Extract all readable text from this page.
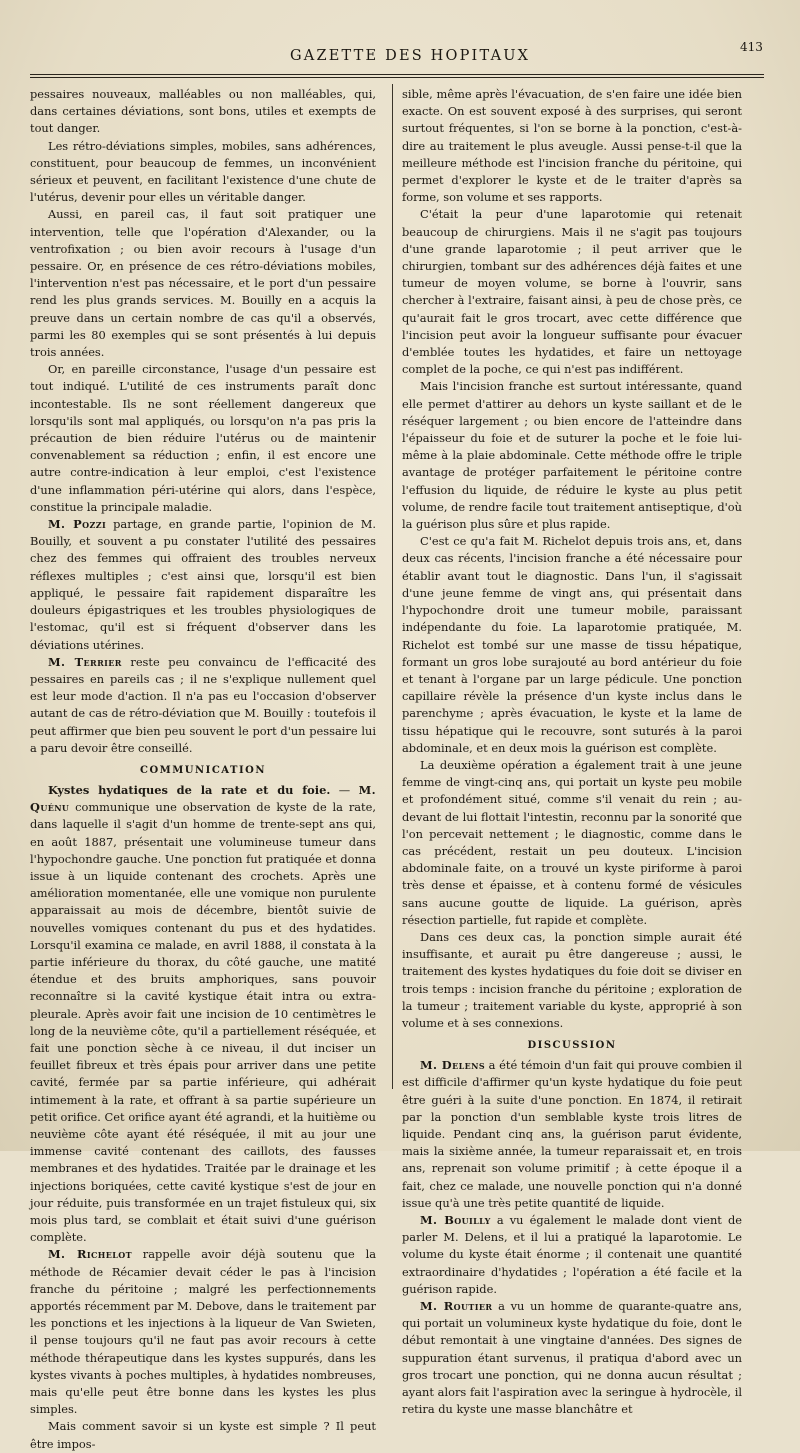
GAZETTE DES HOPITAUX
413

pessaires nouveaux, malléables ou non malléables, qui, dans certaines déviations, sont bons, utiles et exempts de tout danger.

Les rétro-déviations simples, mobiles, sans adhérences, constituent, pour beaucoup de femmes, un inconvénient sérieux et peuvent, en facilitant l'existence d'une chute de l'utérus, devenir pour elles un véritable danger.

Aussi, en pareil cas, il faut soit pratiquer une intervention, telle que l'opération d'Alexander, ou la ventrofixation ; ou bien avoir recours à l'usage d'un pessaire. Or, en présence de ces rétro-déviations mobiles, l'intervention n'est pas nécessaire, et le port d'un pessaire rend les plus grands services. M. Bouilly en a acquis la preuve dans un certain nombre de cas qu'il a observés, parmi les 80 exemples qui se sont présentés à lui depuis trois années.

Or, en pareille circonstance, l'usage d'un pessaire est tout indiqué. L'utilité de ces instruments paraît donc incontestable. Ils ne sont réellement dangereux que lorsqu'ils sont mal appliqués, ou lorsqu'on n'a pas pris la précaution de bien réduire l'utérus ou de maintenir convenablement sa réduction ; enfin, il est encore une autre contre-indication à leur emploi, c'est l'existence d'une inflammation péri-utérine qui alors, dans l'espèce, constitue la principale maladie.

M. Pozzi partage, en grande partie, l'opinion de M. Bouilly, et souvent a pu constater l'utilité des pessaires chez des femmes qui offraient des troubles nerveux réflexes multiples ; c'est ainsi que, lorsqu'il est bien appliqué, le pessaire fait rapidement disparaître les douleurs épigastriques et les troubles physiologiques de l'estomac, qu'il est si fréquent d'observer dans les déviations utérines.

M. Terrier reste peu convaincu de l'efficacité des pessaires en pareils cas ; il ne s'explique nullement quel est leur mode d'action. Il n'a pas eu l'occasion d'observer autant de cas de rétro-déviation que M. Bouilly : toutefois il peut affirmer que bien peu souvent le port d'un pessaire lui a paru devoir être conseillé.

COMMUNICATION

Kystes hydatiques de la rate et du foie. — M. Quénu communique une observation de kyste de la rate, dans laquelle il s'agit d'un homme de trente-sept ans qui, en août 1887, présentait une volumineuse tumeur dans l'hypochondre gauche. Une ponction fut pratiquée et donna issue à un liquide contenant des crochets. Après une amélioration momentanée, elle une vomique non purulente apparaissait au mois de décembre, bientôt suivie de nouvelles vomiques contenant du pus et des hydatides. Lorsqu'il examina ce malade, en avril 1888, il constata à la partie inférieure du thorax, du côté gauche, une matité étendue et des bruits amphoriques, sans pouvoir reconnaître si la cavité kystique était intra ou extra-pleurale. Après avoir fait une incision de 10 centimètres le long de la neuvième côte, qu'il a partiellement réséquée, et fait une ponction sèche à ce niveau, il dut inciser un feuillet fibreux et très épais pour arriver dans une petite cavité, fermée par sa partie inférieure, qui adhérait intimement à la rate, et offrant à sa partie supérieure un petit orifice. Cet orifice ayant été agrandi, et la huitième ou neuvième côte ayant été réséquée, il mit au jour une immense cavité contenant des caillots, des fausses membranes et des hydatides. Traitée par le drainage et les injections boriquées, cette cavité kystique s'est de jour en jour réduite, puis transformée en un trajet fistuleux qui, six mois plus tard, se comblait et était suivi d'une guérison complète.

M. Richelot rappelle avoir déjà soutenu que la méthode de Récamier devait céder le pas à l'incision franche du péritoine ; malgré les perfectionnements apportés récemment par M. Debove, dans le traitement par les ponctions et les injections à la liqueur de Van Swieten, il pense toujours qu'il ne faut pas avoir recours à cette méthode thérapeutique dans les kystes suppurés, dans les kystes vivants à poches multiples, à hydatides nombreuses, mais qu'elle peut être bonne dans les kystes les plus simples.

Mais comment savoir si un kyste est simple ? Il peut être impos-

sible, même après l'évacuation, de s'en faire une idée bien exacte. On est souvent exposé à des surprises, qui seront surtout fréquentes, si l'on se borne à la ponction, c'est-à-dire au traitement le plus aveugle. Aussi pense-t-il que la meilleure méthode est l'incision franche du péritoine, qui permet d'explorer le kyste et de le traiter d'après sa forme, son volume et ses rapports.

C'était la peur d'une laparotomie qui retenait beaucoup de chirurgiens. Mais il ne s'agit pas toujours d'une grande laparotomie ; il peut arriver que le chirurgien, tombant sur des adhérences déjà faites et une tumeur de moyen volume, se borne à l'ouvrir, sans chercher à l'extraire, faisant ainsi, à peu de chose près, ce qu'aurait fait le gros trocart, avec cette différence que l'incision peut avoir la longueur suffisante pour évacuer d'emblée toutes les hydatides, et faire un nettoyage complet de la poche, ce qui n'est pas indifférent.

Mais l'incision franche est surtout intéressante, quand elle permet d'attirer au dehors un kyste saillant et de le réséquer largement ; ou bien encore de l'atteindre dans l'épaisseur du foie et de suturer la poche et le foie lui-même à la plaie abdominale. Cette méthode offre le triple avantage de protéger parfaitement le péritoine contre l'effusion du liquide, de réduire le kyste au plus petit volume, de rendre facile tout traitement antiseptique, d'où la guérison plus sûre et plus rapide.

C'est ce qu'a fait M. Richelot depuis trois ans, et, dans deux cas récents, l'incision franche a été nécessaire pour établir avant tout le diagnostic. Dans l'un, il s'agissait d'une jeune femme de vingt ans, qui présentait dans l'hypochondre droit une tumeur mobile, paraissant indépendante du foie. La laparotomie pratiquée, M. Richelot est tombé sur une masse de tissu hépatique, formant un gros lobe surajouté au bord antérieur du foie et tenant à l'organe par un large pédicule. Une ponction capillaire révèle la présence d'un kyste inclus dans le parenchyme ; après évacuation, le kyste et la lame de tissu hépatique qui le recouvre, sont suturés à la paroi abdominale, et en deux mois la guérison est complète.

La deuxième opération a également trait à une jeune femme de vingt-cinq ans, qui portait un kyste peu mobile et profondément situé, comme s'il venait du rein ; au-devant de lui flottait l'intestin, reconnu par la sonorité que l'on percevait nettement ; le diagnostic, comme dans le cas précédent, restait un peu douteux. L'incision abdominale faite, on a trouvé un kyste piriforme à paroi très dense et épaisse, et à contenu formé de vésicules sans aucune goutte de liquide. La guérison, après résection partielle, fut rapide et complète.

Dans ces deux cas, la ponction simple aurait été insuffisante, et aurait pu être dangereuse ; aussi, le traitement des kystes hydatiques du foie doit se diviser en trois temps : incision franche du péritoine ; exploration de la tumeur ; traitement variable du kyste, approprié à son volume et à ses connexions.

DISCUSSION

M. Delens a été témoin d'un fait qui prouve combien il est difficile d'affirmer qu'un kyste hydatique du foie peut être guéri à la suite d'une ponction. En 1874, il retirait par la ponction d'un semblable kyste trois litres de liquide. Pendant cinq ans, la guérison parut évidente, mais la sixième année, la tumeur reparaissait et, en trois ans, reprenait son volume primitif ; à cette époque il a fait, chez ce malade, une nouvelle ponction qui n'a donné issue qu'à une très petite quantité de liquide.

M. Bouilly a vu également le malade dont vient de parler M. Delens, et il lui a pratiqué la laparotomie. Le volume du kyste était énorme ; il contenait une quantité extraordinaire d'hydatides ; l'opération a été facile et la guérison rapide.

M. Routier a vu un homme de quarante-quatre ans, qui portait un volumineux kyste hydatique du foie, dont le début remontait à une vingtaine d'années. Des signes de suppuration étant survenus, il pratiqua d'abord avec un gros trocart une ponction, qui ne donna aucun résultat ; ayant alors fait l'aspiration avec la seringue à hydrocèle, il retira du kyste une masse blanchâtre et
